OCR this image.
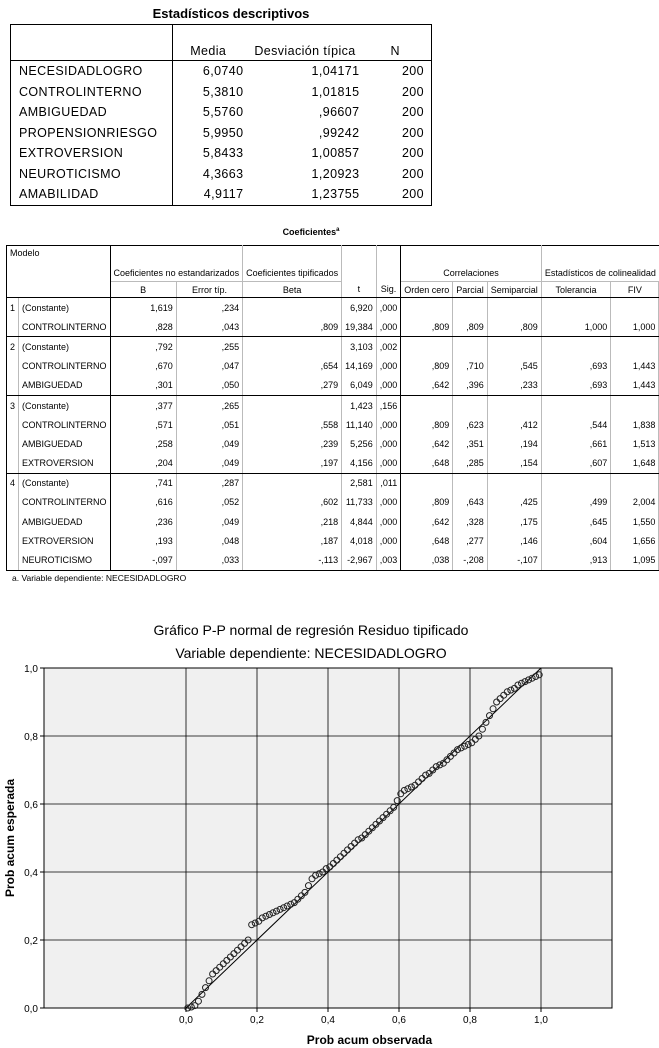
Estadísticos descriptivos
	Media	Desviación típica	N
NECESIDADLOGRO	6,0740	1,04171	200
CONTROLINTERNO	5,3810	1,01815	200
AMBIGUEDAD	5,5760	,96607	200
PROPENSIONRIESGO	5,9950	,99242	200
EXTROVERSION	5,8433	1,00857	200
NEUROTICISMO	4,3663	1,20923	200
AMABILIDAD	4,9117	1,23755	200
Coeficientes$^a$
Modelo		Coeficientes no estandarizados		Coeficientes tipificados	t	Sig.	Correlaciones			Estadísticos de colinealidad	
		B	Error típ.	Beta			Orden cero	Parcial	Semiparcial	Tolerancia	FIV
1	(Constante)	1,619	,234		6,920	,000					
	CONTROLINTERNO	,828	,043	,809	19,384	,000	,809	,809	,809	1,000	1,000
2	(Constante)	,792	,255		3,103	,002					
	CONTROLINTERNO	,670	,047	,654	14,169	,000	,809	,710	,545	,693	1,443
	AMBIGUEDAD	,301	,050	,279	6,049	,000	,642	,396	,233	,693	1,443
3	(Constante)	,377	,265		1,423	,156					
	CONTROLINTERNO	,571	,051	,558	11,140	,000	,809	,623	,412	,544	1,838
	AMBIGUEDAD	,258	,049	,239	5,256	,000	,642	,351	,194	,661	1,513
	EXTROVERSION	,204	,049	,197	4,156	,000	,648	,285	,154	,607	1,648
4	(Constante)	,741	,287		2,581	,011					
	CONTROLINTERNO	,616	,052	,602	11,733	,000	,809	,643	,425	,499	2,004
	AMBIGUEDAD	,236	,049	,218	4,844	,000	,642	,328	,175	,645	1,550
	EXTROVERSION	,193	,048	,187	4,018	,000	,648	,277	,146	,604	1,656
	NEUROTICISMO	-,097	,033	-,113	-2,967	,003	,038	-,208	-,107	,913	1,095
a. Variable dependiente: NECESIDADLOGRO
Gráfico P-P normal de regresión Residuo tipificado
Variable dependiente: NECESIDADLOGRO
0,0
0,0
0,2
0,2
0,4
0,4
0,6
0,6
0,8
0,8
1,0
1,0
Prob acum observada
Prob acum esperada
